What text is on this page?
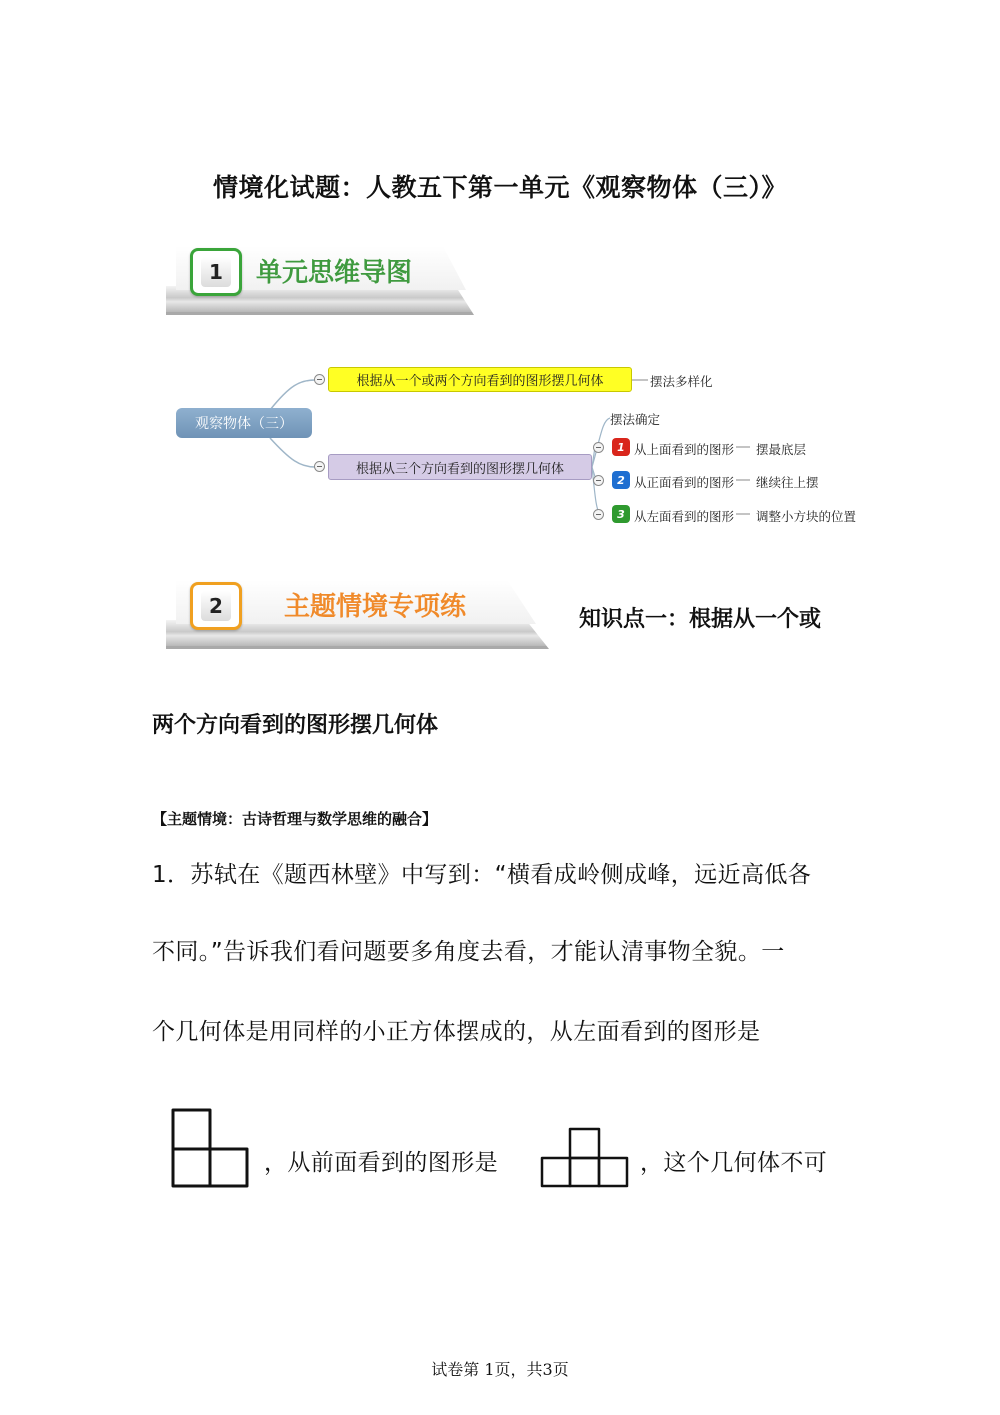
情境化试题：人教五下第一单元《观察物体（三）》
1	单元思维导图
观察物体（三）
根据从一个或两个方向看到的图形摆几何体	摆法多样化
根据从三个方向看到的图形摆几何体
摆法确定
1 从上面看到的图形 摆最底层
2 从正面看到的图形 继续往上摆
3 从左面看到的图形 调整小方块的位置
2	主题情境专项练	知识点一：根据从一个或
两个方向看到的图形摆几何体
【主题情境：古诗哲理与数学思维的融合】
1．苏轼在《题西林壁》中写到：“横看成岭侧成峰，远近高低各
不同。”告诉我们看问题要多角度去看，才能认清事物全貌。一
个几何体是用同样的小正方体摆成的，从左面看到的图形是
，从前面看到的图形是	，这个几何体不可
试卷第 1页，共3页
